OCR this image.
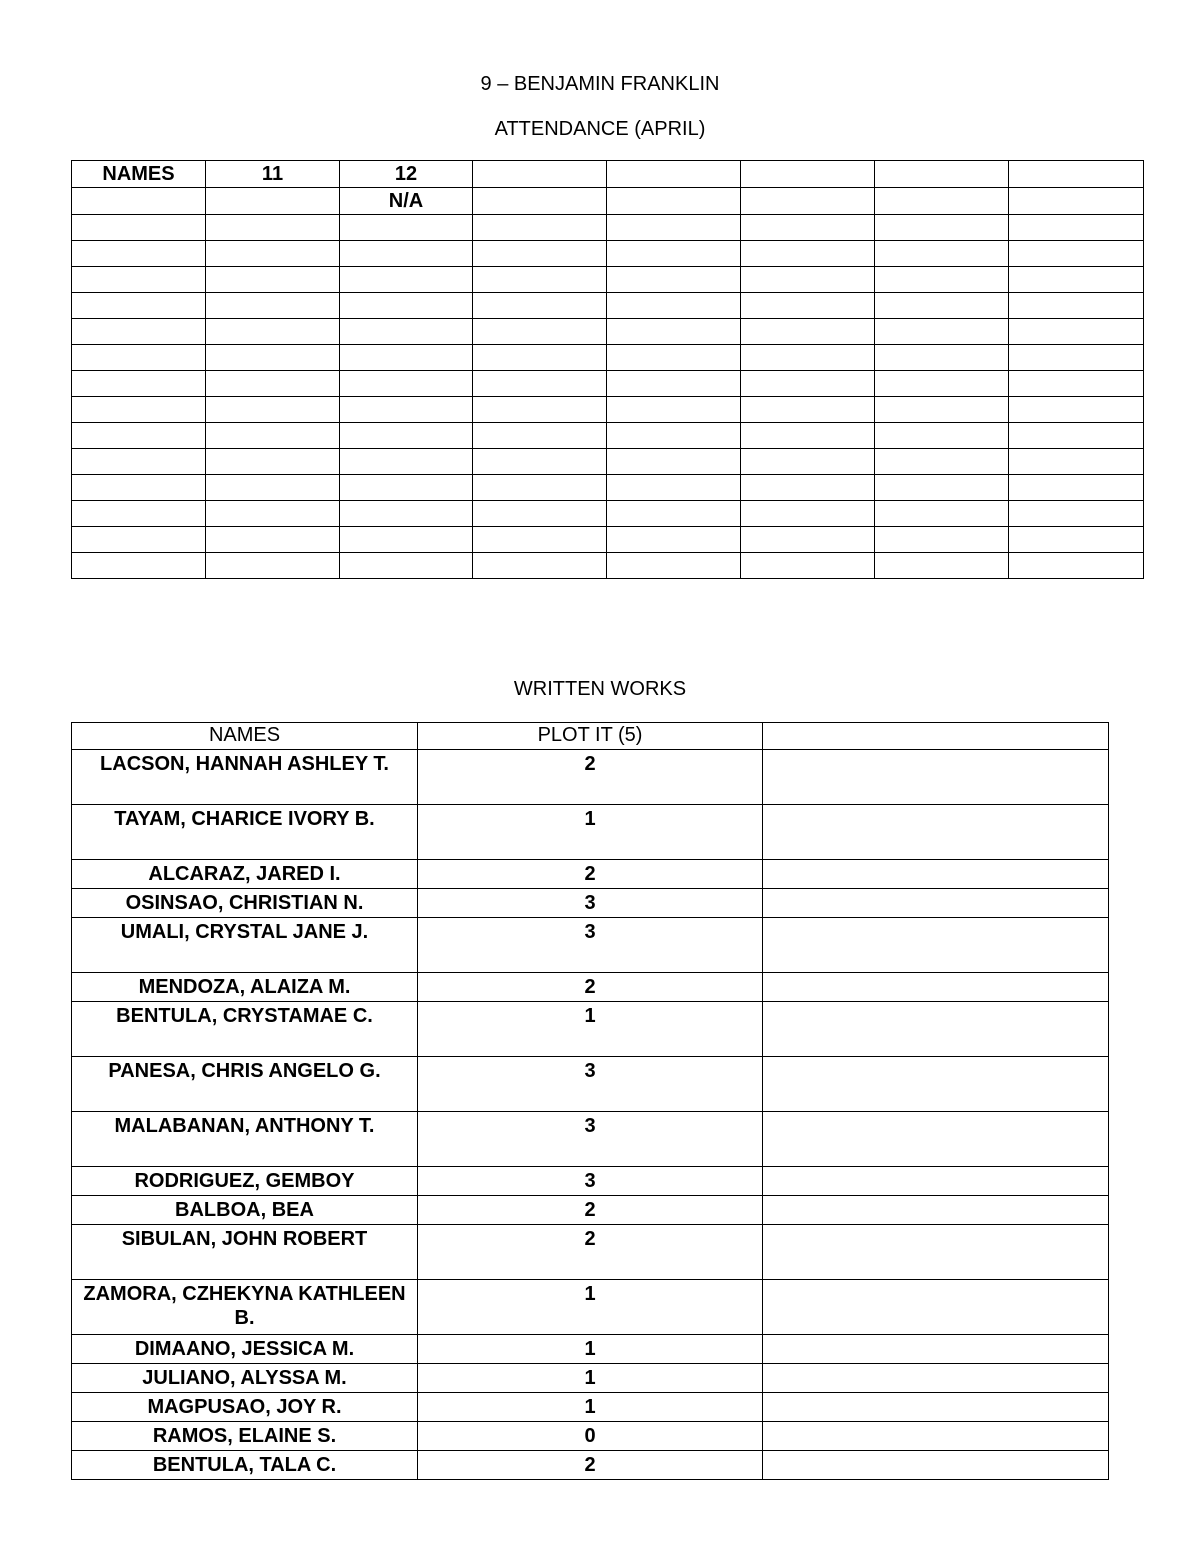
9 – BENJAMIN FRANKLIN
ATTENDANCE (APRIL)
NAMES	11	12					
		N/A					

WRITTEN WORKS
NAMES	PLOT IT (5)	
LACSON, HANNAH ASHLEY T.	2	
TAYAM, CHARICE IVORY B.	1	
ALCARAZ, JARED I.	2	
OSINSAO, CHRISTIAN N.	3	
UMALI, CRYSTAL JANE J.	3	
MENDOZA, ALAIZA M.	2	
BENTULA, CRYSTAMAE C.	1	
PANESA, CHRIS ANGELO G.	3	
MALABANAN, ANTHONY T.	3	
RODRIGUEZ, GEMBOY	3	
BALBOA, BEA	2	
SIBULAN, JOHN ROBERT	2	
ZAMORA, CZHEKYNA KATHLEEN B.	1	
DIMAANO, JESSICA M.	1	
JULIANO, ALYSSA M.	1	
MAGPUSAO, JOY R.	1	
RAMOS, ELAINE S.	0	
BENTULA, TALA C.	2	
